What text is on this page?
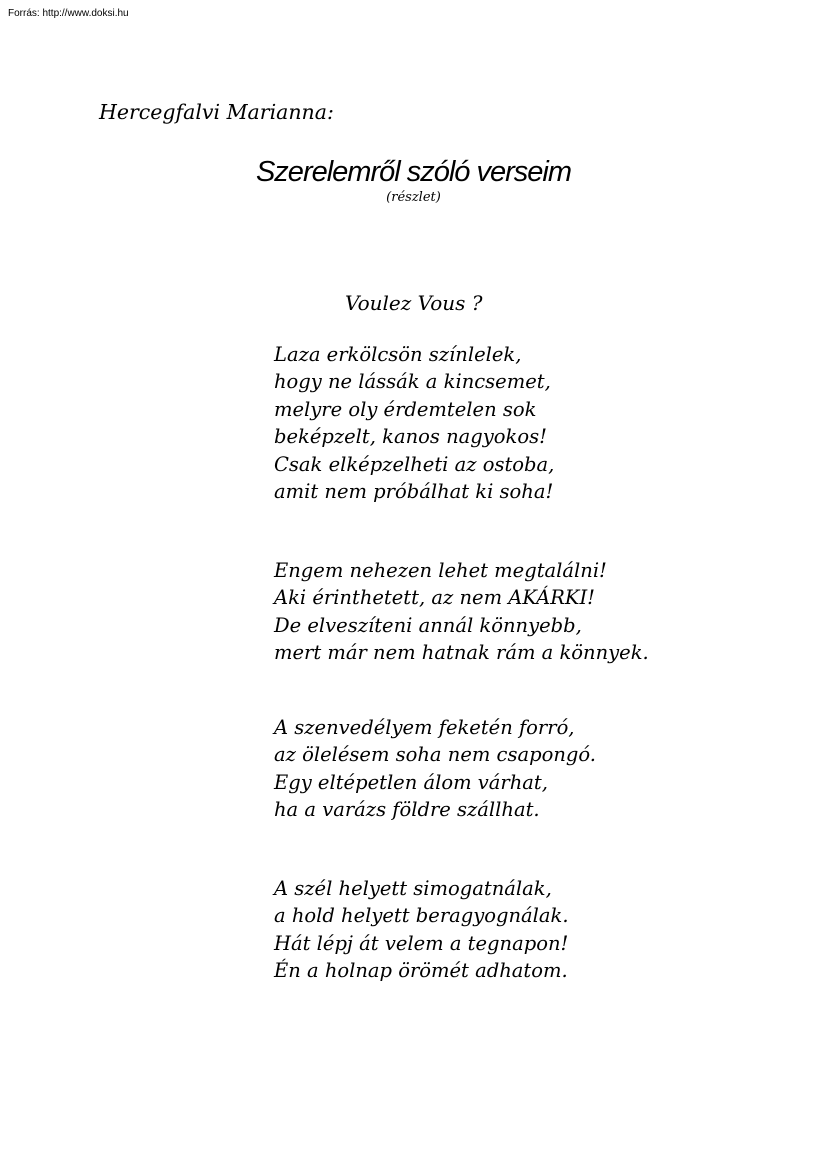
Forrás: http://www.doksi.hu
Hercegfalvi Marianna:
Szerelemről szóló verseim
(részlet)
Voulez Vous ?
Laza erkölcsön színlelek,
hogy ne lássák a kincsemet,
melyre oly érdemtelen sok
beképzelt, kanos nagyokos!
Csak elképzelheti az ostoba,
amit nem próbálhat ki soha!
Engem nehezen lehet megtalálni!
Aki érinthetett, az nem AKÁRKI!
De elveszíteni annál könnyebb,
mert már nem hatnak rám a könnyek.
A szenvedélyem feketén forró,
az ölelésem soha nem csapongó.
Egy eltépetlen álom várhat,
ha a varázs földre szállhat.
A szél helyett simogatnálak,
a hold helyett beragyognálak.
Hát lépj át velem a tegnapon!
Én a holnap örömét adhatom.
